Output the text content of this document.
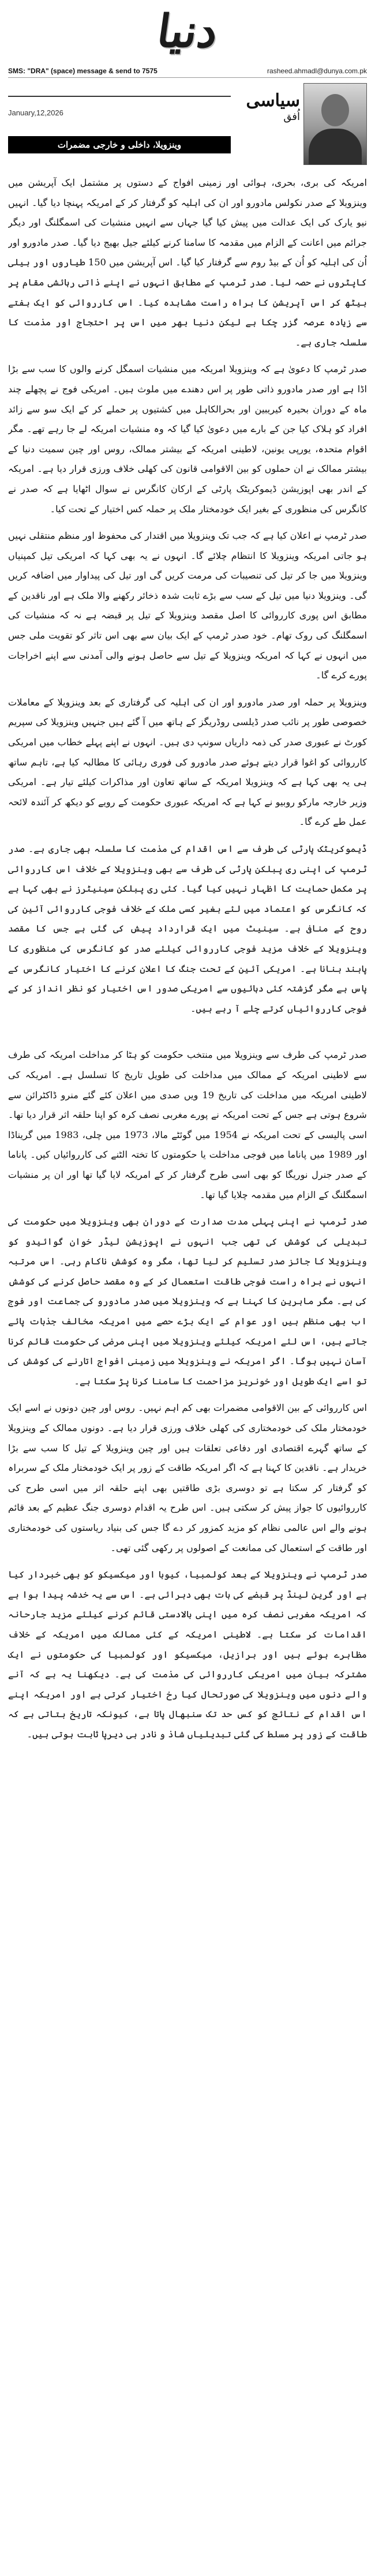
دنیا
SMS: "DRA" (space) message & send to 7575	rasheed.ahmadl@dunya.com.pk
سیاسی
اُفق
January,12,2026
وینزویلا، داخلی و خارجی مضمرات

امریکہ کی بری، بحری، ہوائی اور زمینی افواج کے دستوں پر مشتمل ایک آپریشن میں وینزویلا کے صدر نکولس مادورو اور ان کی اہلیہ کو گرفتار کر کے امریکہ پہنچا دیا گیا۔ انہیں نیو یارک کی ایک عدالت میں پیش کیا گیا جہاں سے انہیں منشیات کی اسمگلنگ اور دیگر جرائم میں اعانت کے الزام میں مقدمہ کا سامنا کرنے کیلئے جیل بھیج دیا گیا۔ صدر مادورو اور اُن کی اہلیہ کو اُن کے بیڈ روم سے گرفتار کیا گیا۔ اس آپریشن میں 150 طیاروں اور ہیلی کاپٹروں نے حصہ لیا۔ صدر ٹرمپ کے مطابق انہوں نے اپنے ذاتی رہائشی مقام پر بیٹھ کر اس آپریشن کا براہ راست مشاہدہ کیا۔ اس کارروائی کو ایک ہفتے سے زیادہ عرصہ گزر چکا ہے لیکن دنیا بھر میں اس پر احتجاج اور مذمت کا سلسلہ جاری ہے۔

صدر ٹرمپ کا دعویٰ ہے کہ وینزویلا امریکہ میں منشیات اسمگل کرنے والوں کا سب سے بڑا اڈا ہے اور صدر مادورو ذاتی طور پر اس دھندے میں ملوث ہیں۔ امریکی فوج نے پچھلے چند ماہ کے دوران بحیرہ کیریبین اور بحرالکاہل میں کشتیوں پر حملے کر کے ایک سو سے زائد افراد کو ہلاک کیا جن کے بارے میں دعویٰ کیا گیا کہ وہ منشیات امریکہ لے جا رہے تھے۔ مگر اقوام متحدہ، یورپی یونین، لاطینی امریکہ کے بیشتر ممالک، روس اور چین سمیت دنیا کے بیشتر ممالک نے ان حملوں کو بین الاقوامی قانون کی کھلی خلاف ورزی قرار دیا ہے۔ امریکہ کے اندر بھی اپوزیشن ڈیموکریٹک پارٹی کے ارکان کانگرس نے سوال اٹھایا ہے کہ صدر نے کانگرس کی منظوری کے بغیر ایک خودمختار ملک پر حملہ کس اختیار کے تحت کیا۔

صدر ٹرمپ نے اعلان کیا ہے کہ جب تک وینزویلا میں اقتدار کی محفوظ اور منظم منتقلی نہیں ہو جاتی امریکہ وینزویلا کا انتظام چلائے گا۔ انہوں نے یہ بھی کہا کہ امریکی تیل کمپنیاں وینزویلا میں جا کر تیل کی تنصیبات کی مرمت کریں گی اور تیل کی پیداوار میں اضافہ کریں گی۔ وینزویلا دنیا میں تیل کے سب سے بڑے ثابت شدہ ذخائر رکھنے والا ملک ہے اور ناقدین کے مطابق اس پوری کارروائی کا اصل مقصد وینزویلا کے تیل پر قبضہ ہے نہ کہ منشیات کی اسمگلنگ کی روک تھام۔ خود صدر ٹرمپ کے ایک بیان سے بھی اس تاثر کو تقویت ملی جس میں انہوں نے کہا کہ امریکہ وینزویلا کے تیل سے حاصل ہونے والی آمدنی سے اپنے اخراجات پورے کرے گا۔

وینزویلا پر حملہ اور صدر مادورو اور ان کی اہلیہ کی گرفتاری کے بعد وینزویلا کے معاملات خصوصی طور پر نائب صدر ڈیلسی روڈریگز کے ہاتھ میں آ گئے ہیں جنہیں وینزویلا کی سپریم کورٹ نے عبوری صدر کی ذمہ داریاں سونپ دی ہیں۔ انہوں نے اپنے پہلے خطاب میں امریکی کارروائی کو اغوا قرار دیتے ہوئے صدر مادورو کی فوری رہائی کا مطالبہ کیا ہے، تاہم ساتھ ہی یہ بھی کہا ہے کہ وینزویلا امریکہ کے ساتھ تعاون اور مذاکرات کیلئے تیار ہے۔ امریکی وزیر خارجہ مارکو روبیو نے کہا ہے کہ امریکہ عبوری حکومت کے رویے کو دیکھ کر آئندہ لائحہ عمل طے کرے گا۔

ڈیموکریٹک پارٹی کی طرف سے اس اقدام کی مذمت کا سلسلہ بھی جاری ہے۔ صدر ٹرمپ کی اپنی ری پبلکن پارٹی کی طرف سے بھی وینزویلا کے خلاف اس کارروائی پر مکمل حمایت کا اظہار نہیں کیا گیا۔ کئی ری پبلکن سینیٹرز نے بھی کہا ہے کہ کانگرس کو اعتماد میں لئے بغیر کسی ملک کے خلاف فوجی کارروائی آئین کی روح کے منافی ہے۔ سینیٹ میں ایک قرارداد پیش کی گئی ہے جس کا مقصد وینزویلا کے خلاف مزید فوجی کارروائی کیلئے صدر کو کانگرس کی منظوری کا پابند بنانا ہے۔ امریکی آئین کے تحت جنگ کا اعلان کرنے کا اختیار کانگرس کے پاس ہے مگر گزشتہ کئی دہائیوں سے امریکی صدور اس اختیار کو نظر انداز کر کے فوجی کارروائیاں کرتے چلے آ رہے ہیں۔

صدر ٹرمپ کی طرف سے وینزویلا میں منتخب حکومت کو ہٹا کر مداخلت امریکہ کی طرف سے لاطینی امریکہ کے ممالک میں مداخلت کی طویل تاریخ کا تسلسل ہے۔ امریکہ کی لاطینی امریکہ میں مداخلت کی تاریخ 19 ویں صدی میں اعلان کئے گئے منرو ڈاکٹرائن سے شروع ہوتی ہے جس کے تحت امریکہ نے پورے مغربی نصف کرہ کو اپنا حلقہ اثر قرار دیا تھا۔ اسی پالیسی کے تحت امریکہ نے 1954 میں گوئٹے مالا، 1973 میں چلی، 1983 میں گریناڈا اور 1989 میں پاناما میں فوجی مداخلت یا حکومتوں کا تختہ الٹنے کی کارروائیاں کیں۔ پاناما کے صدر جنرل نوریگا کو بھی اسی طرح گرفتار کر کے امریکہ لایا گیا تھا اور ان پر منشیات اسمگلنگ کے الزام میں مقدمہ چلایا گیا تھا۔

صدر ٹرمپ نے اپنی پہلی مدت صدارت کے دوران بھی وینزویلا میں حکومت کی تبدیلی کی کوشش کی تھی جب انہوں نے اپوزیشن لیڈر خوان گوائیدو کو وینزویلا کا جائز صدر تسلیم کر لیا تھا، مگر وہ کوشش ناکام رہی۔ اس مرتبہ انہوں نے براہ راست فوجی طاقت استعمال کر کے وہ مقصد حاصل کرنے کی کوشش کی ہے۔ مگر ماہرین کا کہنا ہے کہ وینزویلا میں صدر مادورو کی جماعت اور فوج اب بھی منظم ہیں اور عوام کے ایک بڑے حصے میں امریکہ مخالف جذبات پائے جاتے ہیں، اس لئے امریکہ کیلئے وینزویلا میں اپنی مرضی کی حکومت قائم کرنا آسان نہیں ہوگا۔ اگر امریکہ نے وینزویلا میں زمینی افواج اتارنے کی کوشش کی تو اسے ایک طویل اور خونریز مزاحمت کا سامنا کرنا پڑ سکتا ہے۔

اس کارروائی کے بین الاقوامی مضمرات بھی کم اہم نہیں۔ روس اور چین دونوں نے اسے ایک خودمختار ملک کی خودمختاری کی کھلی خلاف ورزی قرار دیا ہے۔ دونوں ممالک کے وینزویلا کے ساتھ گہرے اقتصادی اور دفاعی تعلقات ہیں اور چین وینزویلا کے تیل کا سب سے بڑا خریدار ہے۔ ناقدین کا کہنا ہے کہ اگر امریکہ طاقت کے زور پر ایک خودمختار ملک کے سربراہ کو گرفتار کر سکتا ہے تو دوسری بڑی طاقتیں بھی اپنے حلقہ اثر میں اسی طرح کی کارروائیوں کا جواز پیش کر سکتی ہیں۔ اس طرح یہ اقدام دوسری جنگ عظیم کے بعد قائم ہونے والے اس عالمی نظام کو مزید کمزور کر دے گا جس کی بنیاد ریاستوں کی خودمختاری اور طاقت کے استعمال کی ممانعت کے اصولوں پر رکھی گئی تھی۔

صدر ٹرمپ نے وینزویلا کے بعد کولمبیا، کیوبا اور میکسیکو کو بھی خبردار کیا ہے اور گرین لینڈ پر قبضے کی بات بھی دہرائی ہے۔ اس سے یہ خدشہ پیدا ہوا ہے کہ امریکہ مغربی نصف کرہ میں اپنی بالادستی قائم کرنے کیلئے مزید جارحانہ اقدامات کر سکتا ہے۔ لاطینی امریکہ کے کئی ممالک میں امریکہ کے خلاف مظاہرے ہوئے ہیں اور برازیل، میکسیکو اور کولمبیا کی حکومتوں نے ایک مشترکہ بیان میں امریکی کارروائی کی مذمت کی ہے۔ دیکھنا یہ ہے کہ آنے والے دنوں میں وینزویلا کی صورتحال کیا رخ اختیار کرتی ہے اور امریکہ اپنے اس اقدام کے نتائج کو کس حد تک سنبھال پاتا ہے، کیونکہ تاریخ بتاتی ہے کہ طاقت کے زور پر مسلط کی گئی تبدیلیاں شاذ و نادر ہی دیرپا ثابت ہوتی ہیں۔
